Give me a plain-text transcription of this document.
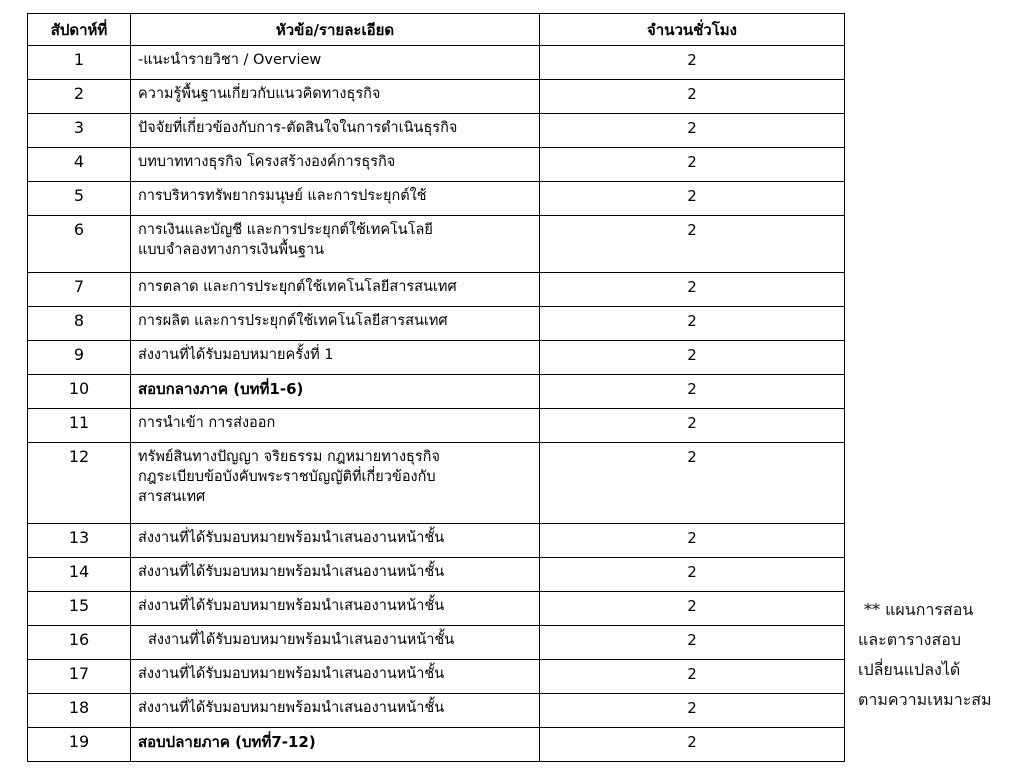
สัปดาห์ที่	หัวข้อ/รายละเอียด	จำนวนชั่วโมง
1	-แนะนำรายวิชา / Overview	2
2	ความรู้พื้นฐานเกี่ยวกับแนวคิดทางธุรกิจ	2
3	ปัจจัยที่เกี่ยวข้องกับการ-ตัดสินใจในการดำเนินธุรกิจ	2
4	บทบาททางธุรกิจ โครงสร้างองค์การธุรกิจ	2
5	การบริหารทรัพยากรมนุษย์ และการประยุกต์ใช้	2
6	การเงินและบัญชี และการประยุกต์ใช้เทคโนโลยี
แบบจำลองทางการเงินพื้นฐาน	2
7	การตลาด และการประยุกต์ใช้เทคโนโลยีสารสนเทศ	2
8	การผลิต และการประยุกต์ใช้เทคโนโลยีสารสนเทศ	2
9	ส่งงานที่ได้รับมอบหมายครั้งที่ 1	2
10	สอบกลางภาค (บทที่1-6)	2
11	การนำเข้า การส่งออก	2
12	ทรัพย์สินทางปัญญา จริยธรรม กฎหมายทางธุรกิจ
กฎระเบียบข้อบังคับพระราชบัญญัติที่เกี่ยวข้องกับ
สารสนเทศ	2
13	ส่งงานที่ได้รับมอบหมายพร้อมนำเสนองานหน้าชั้น	2
14	ส่งงานที่ได้รับมอบหมายพร้อมนำเสนองานหน้าชั้น	2
15	ส่งงานที่ได้รับมอบหมายพร้อมนำเสนองานหน้าชั้น	2
16	ส่งงานที่ได้รับมอบหมายพร้อมนำเสนองานหน้าชั้น	2
17	ส่งงานที่ได้รับมอบหมายพร้อมนำเสนองานหน้าชั้น	2
18	ส่งงานที่ได้รับมอบหมายพร้อมนำเสนองานหน้าชั้น	2
19	สอบปลายภาค (บทที่7-12)	2
** แผนการสอน
และตารางสอบ
เปลี่ยนแปลงได้
ตามความเหมาะสม
